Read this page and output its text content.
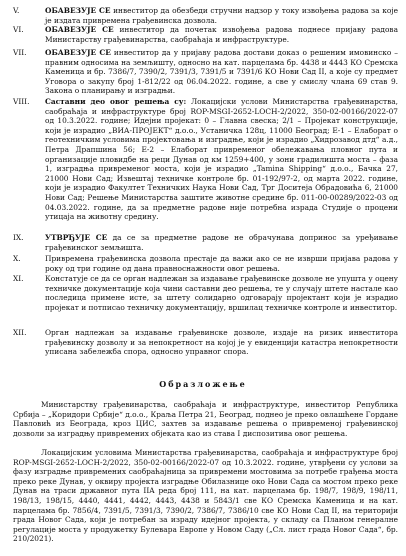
V.	ОБАВЕЗУЈЕ СЕ инвеститор да обезбеди стручни надзор у току извођења радова за које је издата привремена грађевинска дозвола.
VI.	ОБАВЕЗУЈЕ СЕ инвеститор да почетак извођења радова поднесе пријаву радова Министарству грађевинарства, саобраћаја и инфраструктуре.
VII. ОБАВЕЗУЈЕ СЕ инвеститор да у пријаву радова достави доказ о решеним имовинско – правним односима на земљишту, односно на кат. парцелама бр. 4438 и 4443 КО Сремска Каменица и бр. 7386/7, 7390/2, 7391/3, 7391/5 и 7391/6 КО Нови Сад II, а које су предмет Уговора о закупу број 1-812/22 од 06.04.2022. године, а све у смислу члана 69 став 9. Закона о планирању и изградњи.
VIII. Саставни део овог решења су: Локацијски услови Министарства грађевинарства, саобраћаја и инфраструктуре број ROP-MSGI-2652-LOCH-2/2022, 350-02-00166/2022-07 од 10.3.2022. године; Идејни пројекат: 0 – Главна свеска; 2/1 – Пројекат конструкције, који је израдио „ВИА-ПРОЈЕКТ“ д.о.о., Устаничка 128ц, 11000 Београд; Е-1 – Елаборат о геотехничким условима пројектовања и изградње, који је израдио „Хидрозавод дтд“ а.д., Петра Драпшина 56; Е-2 – Елаборат привременог обележавања пловног пута и организације пловидбе на реци Дунав од км 1259+400, у зони градилишта моста – фаза 1, изградња привременог моста, који је израдио „Tamina Shipping“ д.о.о., Бачка 27, 21000 Нови Сад; Извештај техничке контроле бр. 01-192/97-2, од марта 2022. године, који је израдио Факултет Техничких Наука Нови Сад, Трг Доситеја Обрадовића 6, 21000 Нови Сад; Решење Министарства заштите животне средине бр. 011-00-00289/2022-03 од 04.03.2022. године, да за предметне радове није потребна израда Студије о процени утицаја на животну средину.
IX.	УТВРЂУЈЕ СЕ да се за предметне радове не обрачунава допринос за уређивање грађевинског земљишта.
X.	Привремена грађевинска дозвола престаје да важи ако се не изврши пријава радова у року од три године од дана правноснажности овог решења.
XI.	Констатује се да се орган надлежан за издавање грађевинске дозволе не упушта у оцену техничке документације која чини саставни део решења, те у случају штете настале као последица примене исте, за штету солидарно одговарају пројектант који је израдио пројекат и потписао техничку документацију, вршилац техничке контроле и инвеститор.
XII.	Орган надлежан за издавање грађевинске дозволе, издаје на ризик инвеститора грађевинску дозволу и за непокретност на којој је у евиденцији катастра непокретности уписана забележба спора, односно управног спора.
Образложење
Министарству грађевинарства, саобраћаја и инфраструктуре, инвеститор Република Србија – „Коридори Србије“ д.о.о., Краља Петра 21, Београд, поднео је преко овлашћене Гордане Павловић из Београда, кроз ЦИС, захтев за издавање решења о привременој грађевинској дозволи за изградњу привремених објеката као из става I диспозитива овог решења.
Локацијским условима Министарства грађевинарства, саобраћаја и инфраструктуре број ROP-MSGI-2652-LOCH-2/2022, 350-02-00166/2022-07 од 10.3.2022. године, утврђени су услови за фазу изградње привремених саобраћајница за привремени мостовима за потребе грађења моста преко реке Дунав, у оквиру пројекта изградње Обилазнице око Нови Сада са мостом преко реке Дунав на траси државног пута IIA реда број 111, на кат. парцелама бр. 198/7, 198/9, 198/11, 198/13, 198/15, 4440, 4441, 4442, 4443, 4438 и 5843/1 све КО Сремска Каменица и на кат. парцелама бр. 7856/4, 7391/5, 7391/3, 7390/2, 7386/7, 7386/10 све КО Нови Сад II, на територији града Новог Сада, који је потребан за израду идејног пројекта, у складу са Планом генералне регулације моста у продужетку Булевара Европе у Новом Саду („Сл. лист града Новог Сада“, бр. 210/2021).
